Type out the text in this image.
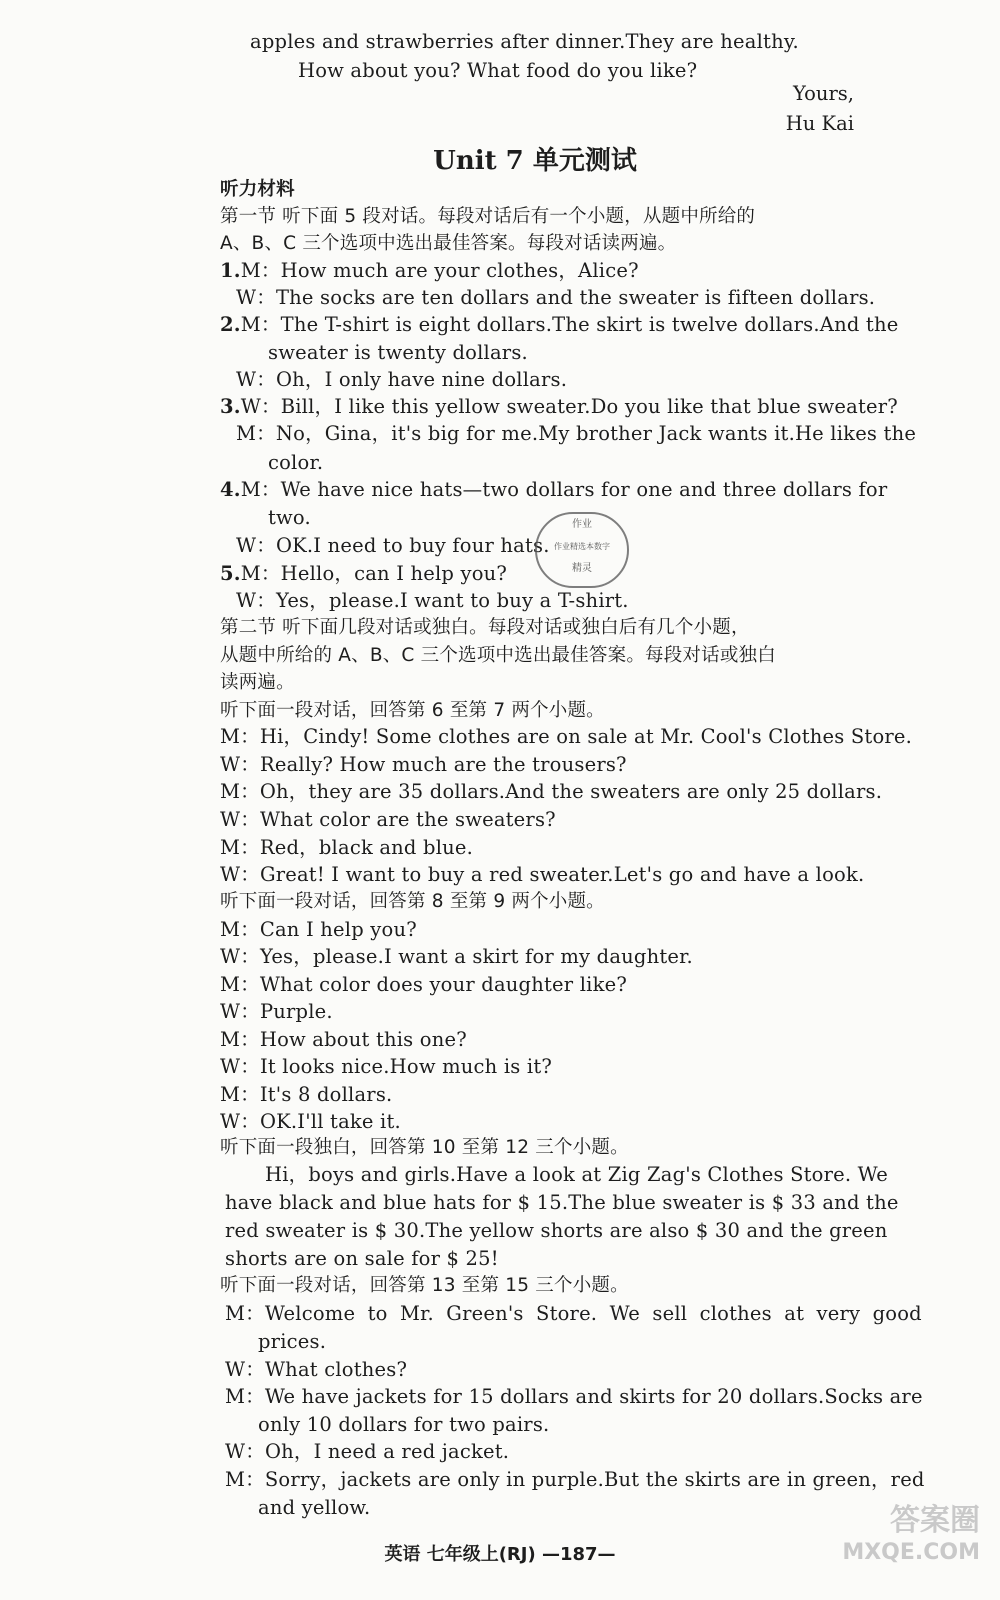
apples and strawberries after dinner.They are healthy.
How about you? What food do you like?
Yours,
Hu Kai
Unit 7 单元测试
听力材料
第一节 听下面 5 段对话。每段对话后有一个小题，从题中所给的
A、B、C 三个选项中选出最佳答案。每段对话读两遍。
1.M：How much are your clothes，Alice?
W：The socks are ten dollars and the sweater is fifteen dollars.
2.M：The T-shirt is eight dollars.The skirt is twelve dollars.And the
sweater is twenty dollars.
W：Oh，I only have nine dollars.
3.W：Bill，I like this yellow sweater.Do you like that blue sweater?
M：No，Gina，it's big for me.My brother Jack wants it.He likes the
color.
4.M：We have nice hats—two dollars for one and three dollars for
two.
W：OK.I need to buy four hats.
作业
作业精选本数字
精灵
5.M：Hello，can I help you?
W：Yes，please.I want to buy a T-shirt.
第二节 听下面几段对话或独白。每段对话或独白后有几个小题，
从题中所给的 A、B、C 三个选项中选出最佳答案。每段对话或独白
读两遍。
听下面一段对话，回答第 6 至第 7 两个小题。
M：Hi，Cindy! Some clothes are on sale at Mr. Cool's Clothes Store.
W：Really? How much are the trousers?
M：Oh，they are 35 dollars.And the sweaters are only 25 dollars.
W：What color are the sweaters?
M：Red，black and blue.
W：Great! I want to buy a red sweater.Let's go and have a look.
听下面一段对话，回答第 8 至第 9 两个小题。
M：Can I help you?
W：Yes，please.I want a skirt for my daughter.
M：What color does your daughter like?
W：Purple.
M：How about this one?
W：It looks nice.How much is it?
M：It's 8 dollars.
W：OK.I'll take it.
听下面一段独白，回答第 10 至第 12 三个小题。
Hi，boys and girls.Have a look at Zig Zag's Clothes Store. We
have black and blue hats for $ 15.The blue sweater is $ 33 and the
red sweater is $ 30.The yellow shorts are also $ 30 and the green
shorts are on sale for $ 25!
听下面一段对话，回答第 13 至第 15 三个小题。
M：Welcome to Mr. Green's Store. We sell clothes at very good
prices.
W：What clothes?
M：We have jackets for 15 dollars and skirts for 20 dollars.Socks are
only 10 dollars for two pairs.
W：Oh，I need a red jacket.
M：Sorry，jackets are only in purple.But the skirts are in green，red
and yellow.	答案圈
MXQE.COM
英语 七年级上(RJ) —187—
